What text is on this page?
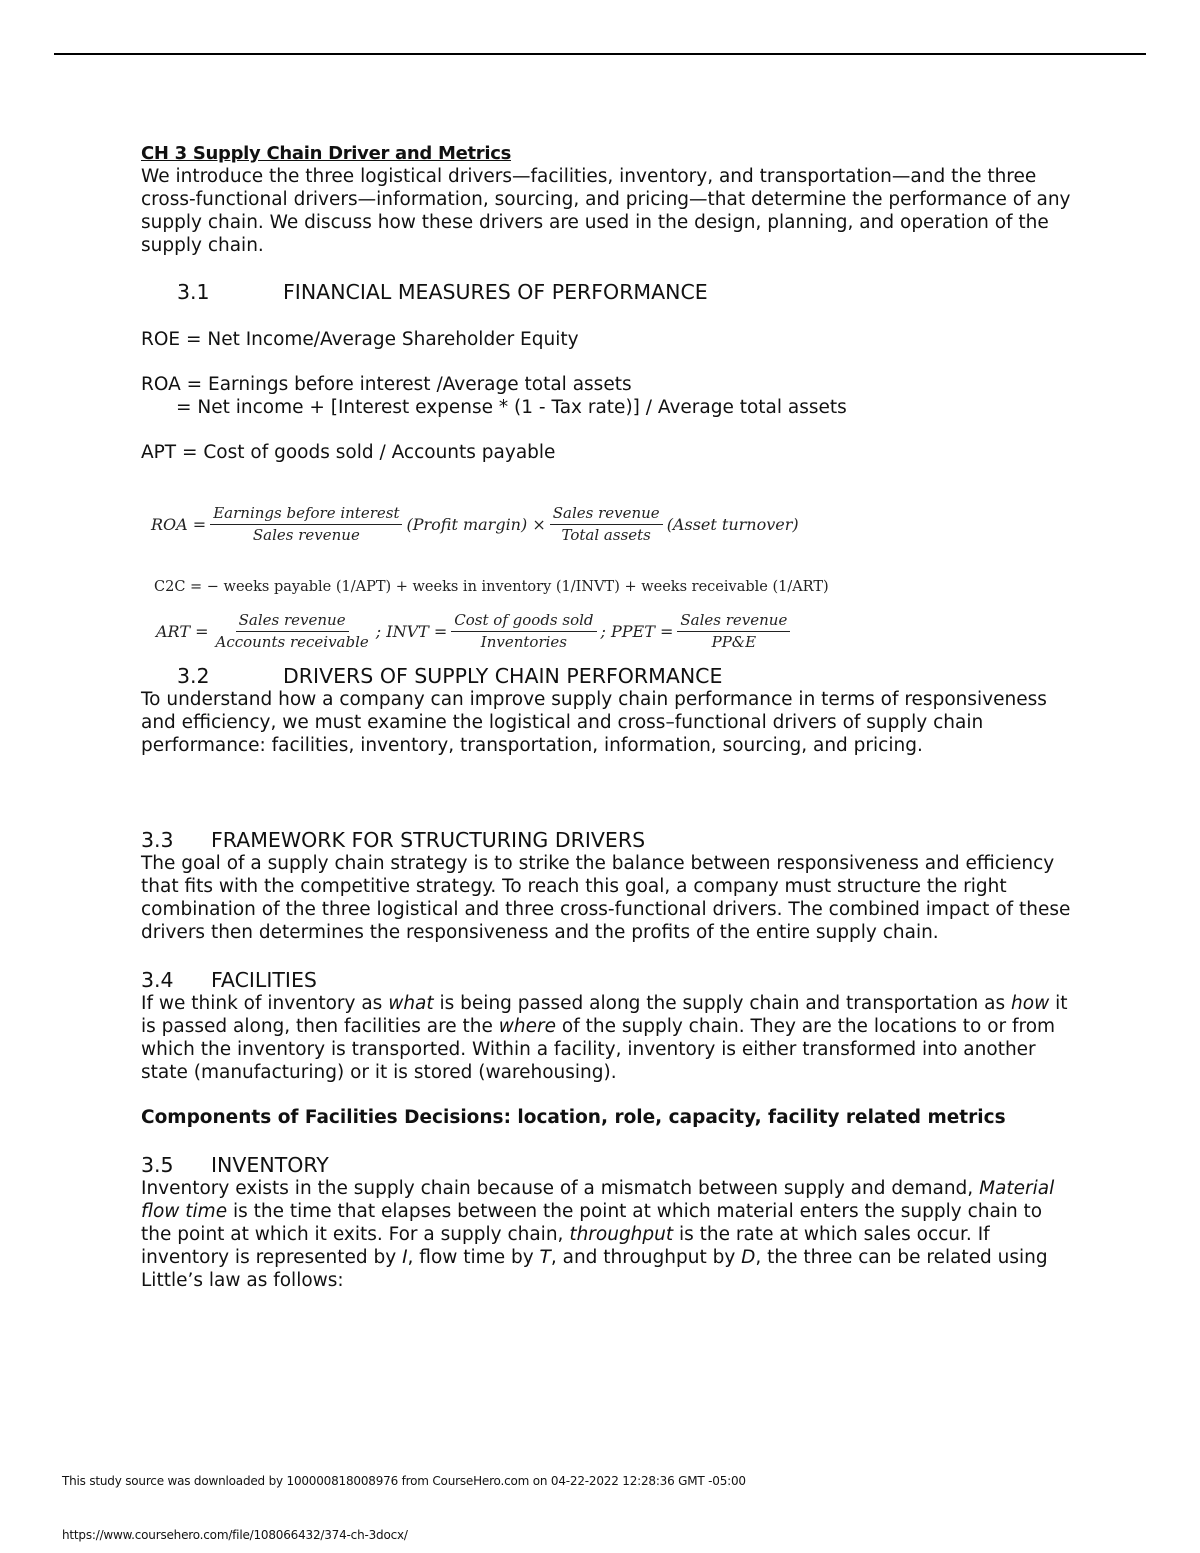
CH 3 Supply Chain Driver and Metrics

We introduce the three logistical drivers—facilities, inventory, and transportation—and the three cross-functional drivers—information, sourcing, and pricing—that determine the performance of any supply chain. We discuss how these drivers are used in the design, planning, and operation of the supply chain.

3.1	FINANCIAL MEASURES OF PERFORMANCE

ROE = Net Income/Average Shareholder Equity

ROA = Earnings before interest /Average total assets

= Net income + [Interest expense * (1 - Tax rate)] / Average total assets

APT = Cost of goods sold / Accounts payable

ROA = $\frac{\text{Earnings before interest}}{\text{Sales revenue}}$ (Profit margin) × $\frac{\text{Sales revenue}}{\text{Total assets}}$ (Asset turnover)
C2C = − weeks payable (1/APT) + weeks in inventory (1/INVT) + weeks receivable (1/ART)
ART = $\frac{\text{Sales revenue}}{\text{Accounts receivable}}$ ; INVT = $\frac{\text{Cost of goods sold}}{\text{Inventories}}$ ; PPET = $\frac{\text{Sales revenue}}{PP\&E}$
3.2	DRIVERS OF SUPPLY CHAIN PERFORMANCE

To understand how a company can improve supply chain performance in terms of responsiveness and efficiency, we must examine the logistical and cross–functional drivers of supply chain performance: facilities, inventory, transportation, information, sourcing, and pricing.

3.3	FRAMEWORK FOR STRUCTURING DRIVERS

The goal of a supply chain strategy is to strike the balance between responsiveness and efficiency that fits with the competitive strategy. To reach this goal, a company must structure the right combination of the three logistical and three cross-functional drivers. The combined impact of these drivers then determines the responsiveness and the profits of the entire supply chain.

3.4	FACILITIES

If we think of inventory as what is being passed along the supply chain and transportation as how it is passed along, then facilities are the where of the supply chain. They are the locations to or from which the inventory is transported. Within a facility, inventory is either transformed into another state (manufacturing) or it is stored (warehousing).

Components of Facilities Decisions: location, role, capacity, facility related metrics

3.5	INVENTORY

Inventory exists in the supply chain because of a mismatch between supply and demand, Material flow time is the time that elapses between the point at which material enters the supply chain to the point at which it exits. For a supply chain, throughput is the rate at which sales occur. If inventory is represented by I, flow time by T, and throughput by D, the three can be related using Little’s law as follows:

This study source was downloaded by 100000818008976 from CourseHero.com on 04-22-2022 12:28:36 GMT -05:00
https://www.coursehero.com/file/108066432/374-ch-3docx/
